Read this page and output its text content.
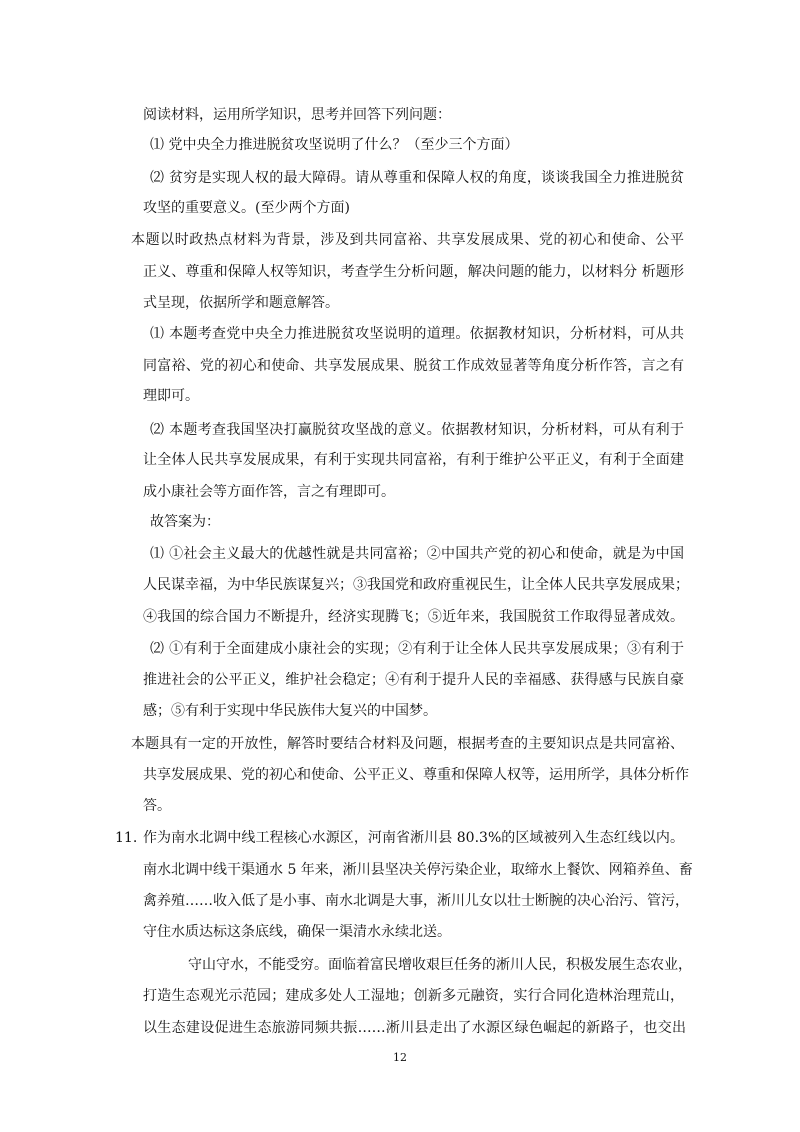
阅读材料，运用所学知识，思考并回答下列问题：
⑴ 党中央全力推进脱贫攻坚说明了什么？（至少三个方面）
⑵ 贫穷是实现人权的最大障碍。请从尊重和保障人权的角度，谈谈我国全力推进脱贫
攻坚的重要意义。(至少两个方面)
本题以时政热点材料为背景，涉及到共同富裕、共享发展成果、党的初心和使命、公平
正义、尊重和保障人权等知识，考查学生分析问题，解决问题的能力，以材料分 析题形
式呈现，依据所学和题意解答。
⑴ 本题考查党中央全力推进脱贫攻坚说明的道理。依据教材知识，分析材料，可从共
同富裕、党的初心和使命、共享发展成果、脱贫工作成效显著等角度分析作答，言之有
理即可。
⑵ 本题考查我国坚决打赢脱贫攻坚战的意义。依据教材知识，分析材料，可从有利于
让全体人民共享发展成果，有利于实现共同富裕，有利于维护公平正义，有利于全面建
成小康社会等方面作答，言之有理即可。
故答案为：
⑴ ①社会主义最大的优越性就是共同富裕；②中国共产党的初心和使命，就是为中国
人民谋幸福，为中华民族谋复兴；③我国党和政府重视民生，让全体人民共享发展成果；
④我国的综合国力不断提升，经济实现腾飞；⑤近年来，我国脱贫工作取得显著成效。
⑵ ①有利于全面建成小康社会的实现；②有利于让全体人民共享发展成果；③有利于
推进社会的公平正义，维护社会稳定；④有利于提升人民的幸福感、获得感与民族自豪
感；⑤有利于实现中华民族伟大复兴的中国梦。
本题具有一定的开放性，解答时要结合材料及问题，根据考查的主要知识点是共同富裕、
共享发展成果、党的初心和使命、公平正义、尊重和保障人权等，运用所学，具体分析作
答。
11. 作为南水北调中线工程核心水源区，河南省淅川县 80.3%的区域被列入生态红线以内。
南水北调中线干渠通水 5 年来，淅川县坚决关停污染企业，取缔水上餐饮、网箱养鱼、畜
禽养殖……收入低了是小事、南水北调是大事，淅川儿女以壮士断腕的决心治污、管污，
守住水质达标这条底线，确保一渠清水永续北送。
守山守水，不能受穷。面临着富民增收艰巨任务的淅川人民，积极发展生态农业，
打造生态观光示范园；建成多处人工湿地；创新多元融资，实行合同化造林治理荒山，
以生态建设促进生态旅游同频共振……淅川县走出了水源区绿色崛起的新路子，也交出
12
